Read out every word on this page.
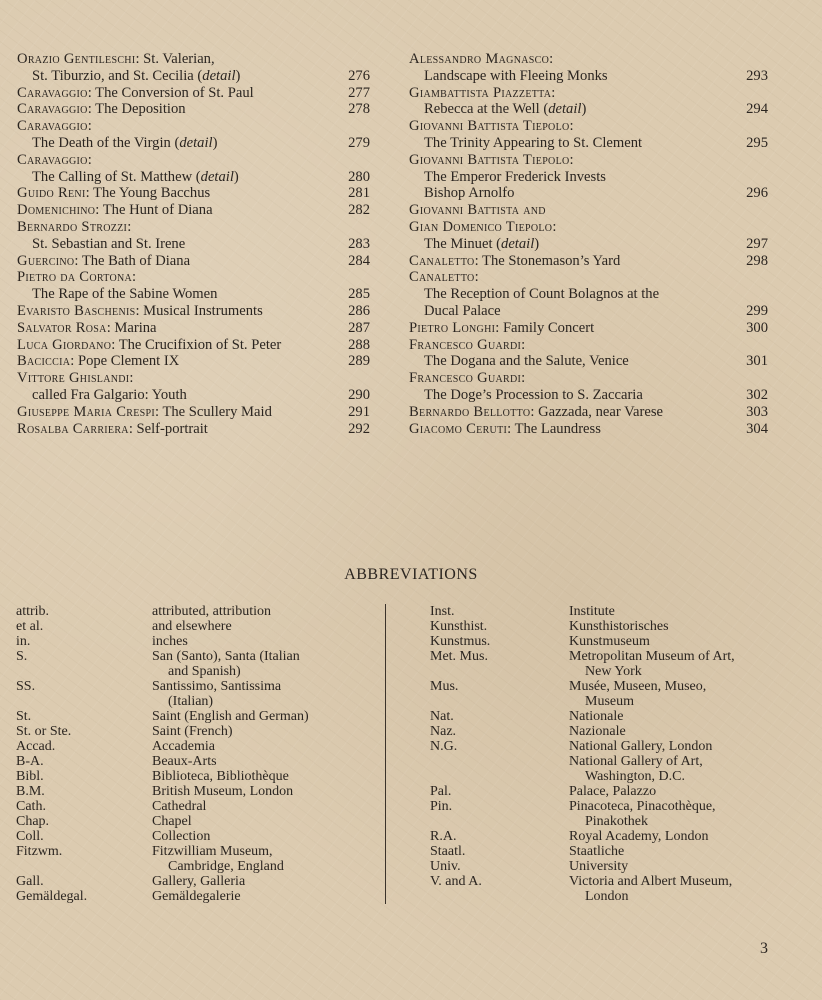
Orazio Gentileschi: St. Valerian,
St. Tiburzio, and St. Cecilia (detail)	276
Caravaggio: The Conversion of St. Paul	277
Caravaggio: The Deposition	278
Caravaggio:
The Death of the Virgin (detail)	279
Caravaggio:
The Calling of St. Matthew (detail)	280
Guido Reni: The Young Bacchus	281
Domenichino: The Hunt of Diana	282
Bernardo Strozzi:
St. Sebastian and St. Irene	283
Guercino: The Bath of Diana	284
Pietro da Cortona:
The Rape of the Sabine Women	285
Evaristo Baschenis: Musical Instruments	286
Salvator Rosa: Marina	287
Luca Giordano: The Crucifixion of St. Peter	288
Baciccia: Pope Clement IX	289
Vittore Ghislandi:
called Fra Galgario: Youth	290
Giuseppe Maria Crespi: The Scullery Maid	291
Rosalba Carriera: Self-portrait	292
Alessandro Magnasco:
Landscape with Fleeing Monks	293
Giambattista Piazzetta:
Rebecca at the Well (detail)	294
Giovanni Battista Tiepolo:
The Trinity Appearing to St. Clement	295
Giovanni Battista Tiepolo:
The Emperor Frederick Invests
Bishop Arnolfo	296
Giovanni Battista and
Gian Domenico Tiepolo:
The Minuet (detail)	297
Canaletto: The Stonemason’s Yard	298
Canaletto:
The Reception of Count Bolagnos at the
Ducal Palace	299
Pietro Longhi: Family Concert	300
Francesco Guardi:
The Dogana and the Salute, Venice	301
Francesco Guardi:
The Doge’s Procession to S. Zaccaria	302
Bernardo Bellotto: Gazzada, near Varese	303
Giacomo Ceruti: The Laundress	304
ABBREVIATIONS
attrib.	attributed, attribution
et al.	and elsewhere
in.	inches
S.	San (Santo), Santa (Italian
and Spanish)
SS.	Santissimo, Santissima
(Italian)
St.	Saint (English and German)
St. or Ste.	Saint (French)
Accad.	Accademia
B-A.	Beaux-Arts
Bibl.	Biblioteca, Bibliothèque
B.M.	British Museum, London
Cath.	Cathedral
Chap.	Chapel
Coll.	Collection
Fitzwm.	Fitzwilliam Museum,
Cambridge, England
Gall.	Gallery, Galleria
Gemäldegal.	Gemäldegalerie
Inst.	Institute
Kunsthist.	Kunsthistorisches
Kunstmus.	Kunstmuseum
Met. Mus.	Metropolitan Museum of Art,
New York
Mus.	Musée, Museen, Museo,
Museum
Nat.	Nationale
Naz.	Nazionale
N.G.	National Gallery, London
National Gallery of Art,
Washington, D.C.
Pal.	Palace, Palazzo
Pin.	Pinacoteca, Pinacothèque,
Pinakothek
R.A.	Royal Academy, London
Staatl.	Staatliche
Univ.	University
V. and A.	Victoria and Albert Museum,
London
3
